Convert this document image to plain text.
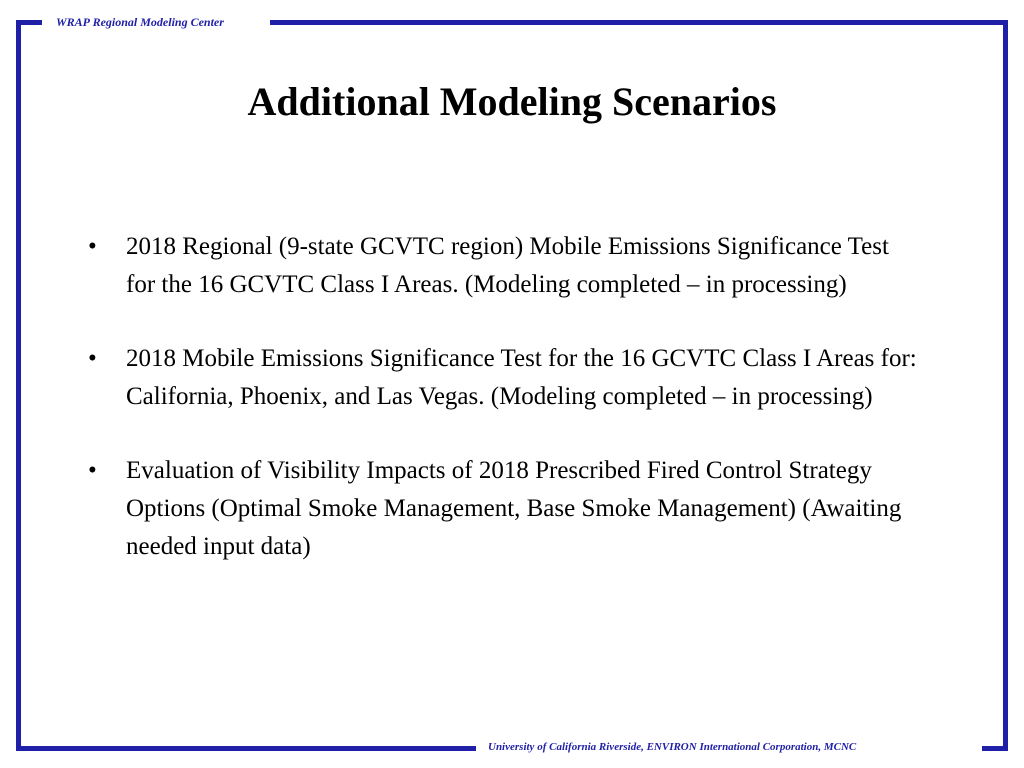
WRAP Regional Modeling Center
Additional Modeling Scenarios
•	2018 Regional (9-state GCVTC region) Mobile Emissions Significance Test for the 16 GCVTC Class I Areas. (Modeling completed – in processing)
•	2018 Mobile Emissions Significance Test for the 16 GCVTC Class I Areas for: California, Phoenix, and Las Vegas. (Modeling completed – in processing)
•	Evaluation of Visibility Impacts of 2018 Prescribed Fired Control Strategy Options (Optimal Smoke Management, Base Smoke Management) (Awaiting needed input data)
University of California Riverside, ENVIRON International Corporation, MCNC
